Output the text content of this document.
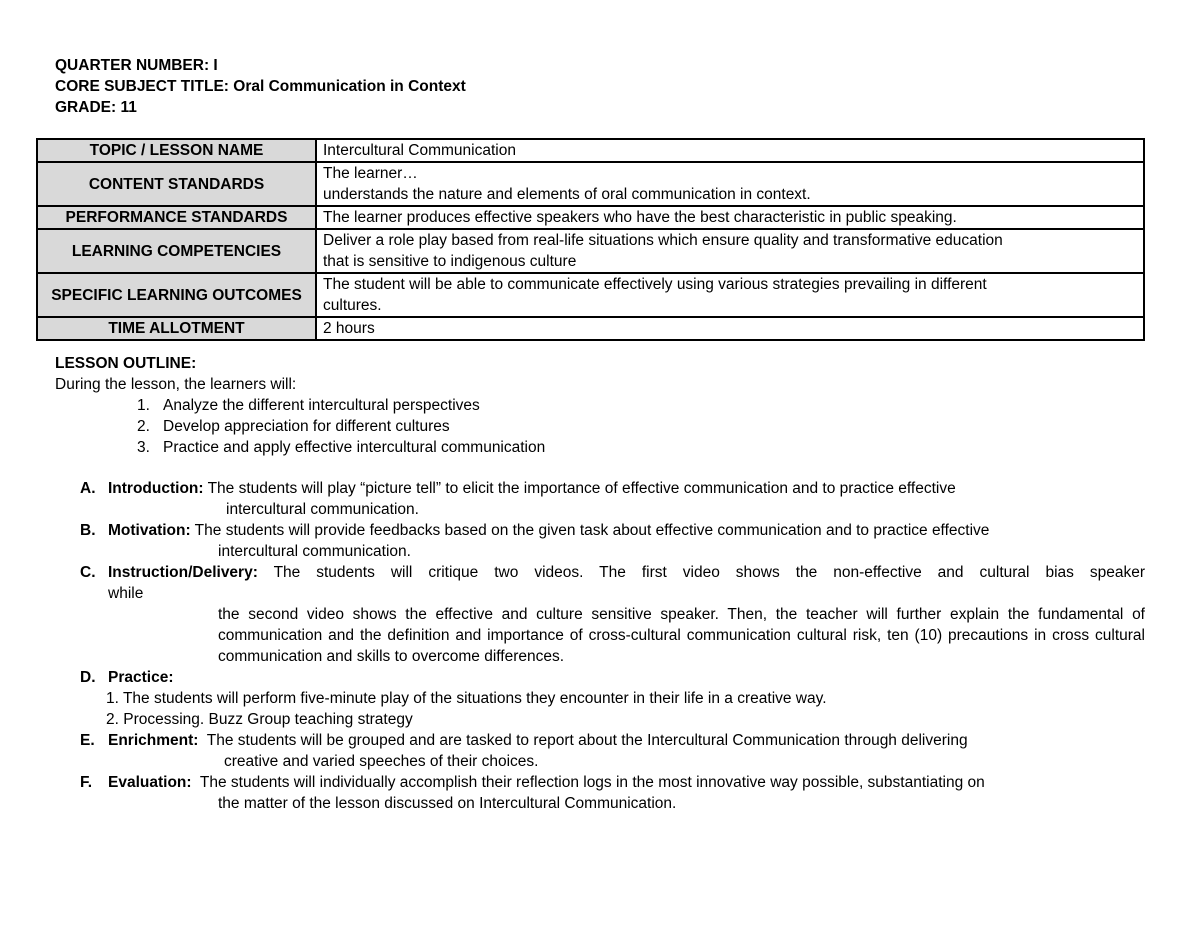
QUARTER NUMBER: I
CORE SUBJECT TITLE: Oral Communication in Context
GRADE: 11
TOPIC / LESSON NAME	Intercultural Communication

CONTENT STANDARDS	The learner…
understands the nature and elements of oral communication in context.

PERFORMANCE STANDARDS	The learner produces effective speakers who have the best characteristic in public speaking.

LEARNING COMPETENCIES	Deliver a role play based from real-life situations which ensure quality and transformative education
that is sensitive to indigenous culture

SPECIFIC LEARNING OUTCOMES	The student will be able to communicate effectively using various strategies prevailing in different
cultures.

TIME ALLOTMENT	2 hours
LESSON OUTLINE:
During the lesson, the learners will:
1. Analyze the different intercultural perspectives
2. Develop appreciation for different cultures
3. Practice and apply effective intercultural communication
A. Introduction: The students will play “picture tell” to elicit the importance of effective communication and to practice effective
intercultural communication.
B. Motivation: The students will provide feedbacks based on the given task about effective communication and to practice effective
intercultural communication.
C. Instruction/Delivery: The students will critique two videos. The first video shows the non-effective and cultural bias speaker
while
the second video shows the effective and culture sensitive speaker. Then, the teacher will further explain the fundamental of communication and the definition and importance of cross-cultural communication cultural risk, ten (10) precautions in cross cultural communication and skills to overcome differences.
D. Practice:
1. The students will perform five-minute play of the situations they encounter in their life in a creative way.
2. Processing. Buzz Group teaching strategy
E. Enrichment:  The students will be grouped and are tasked to report about the Intercultural Communication through delivering
creative and varied speeches of their choices.
F. Evaluation:  The students will individually accomplish their reflection logs in the most innovative way possible, substantiating on
the matter of the lesson discussed on Intercultural Communication.
